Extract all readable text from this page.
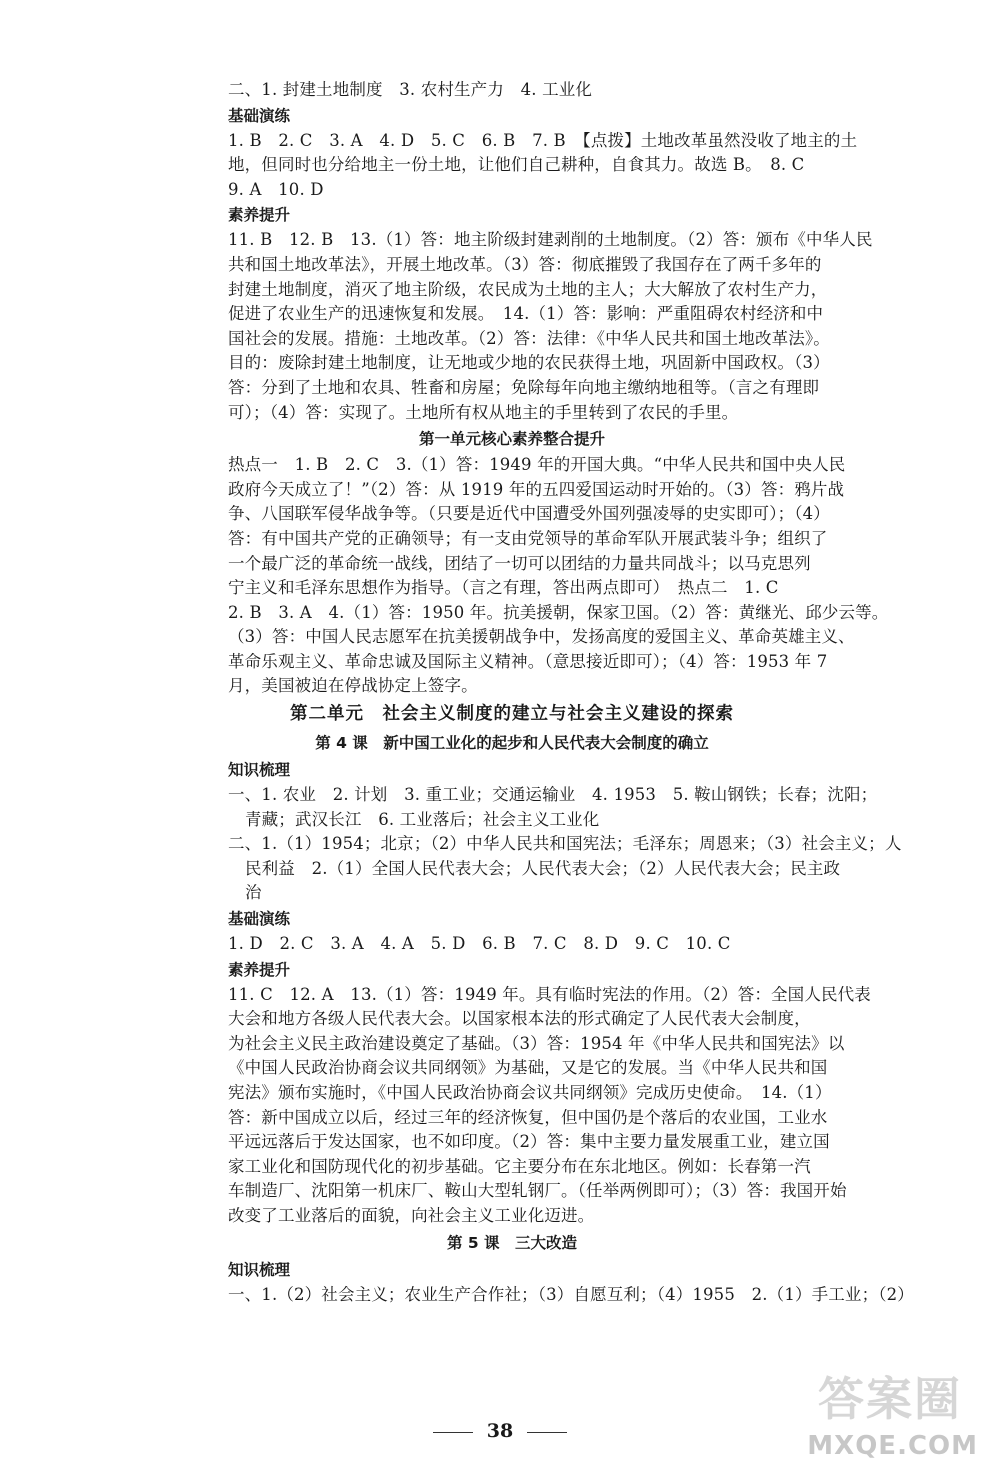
二、1. 封建土地制度　3. 农村生产力　4. 工业化
基础演练
1. B　2. C　3. A　4. D　5. C　6. B　7. B　【点拨】土地改革虽然没收了地主的土
地，但同时也分给地主一份土地，让他们自己耕种，自食其力。故选 B。　8. C
9. A　10. D
素养提升
11. B　12. B　13.（1）答：地主阶级封建剥削的土地制度。（2）答：颁布《中华人民
共和国土地改革法》，开展土地改革。（3）答：彻底摧毁了我国存在了两千多年的
封建土地制度，消灭了地主阶级，农民成为土地的主人；大大解放了农村生产力，
促进了农业生产的迅速恢复和发展。　14.（1）答：影响：严重阻碍农村经济和中
国社会的发展。措施：土地改革。（2）答：法律：《中华人民共和国土地改革法》。
目的：废除封建土地制度，让无地或少地的农民获得土地，巩固新中国政权。（3）
答：分到了土地和农具、牲畜和房屋；免除每年向地主缴纳地租等。（言之有理即
可）；（4）答：实现了。土地所有权从地主的手里转到了农民的手里。
第一单元核心素养整合提升
热点一　1. B　2. C　3.（1）答：1949 年的开国大典。“中华人民共和国中央人民
政府今天成立了！”（2）答：从 1919 年的五四爱国运动时开始的。（3）答：鸦片战
争、八国联军侵华战争等。（只要是近代中国遭受外国列强凌辱的史实即可）；（4）
答：有中国共产党的正确领导；有一支由党领导的革命军队开展武装斗争；组织了
一个最广泛的革命统一战线，团结了一切可以团结的力量共同战斗；以马克思列
宁主义和毛泽东思想作为指导。（言之有理，答出两点即可）　热点二　1. C
2. B　3. A　4.（1）答：1950 年。抗美援朝，保家卫国。（2）答：黄继光、邱少云等。
（3）答：中国人民志愿军在抗美援朝战争中，发扬高度的爱国主义、革命英雄主义、
革命乐观主义、革命忠诚及国际主义精神。（意思接近即可）；（4）答：1953 年 7
月，美国被迫在停战协定上签字。
第二单元　社会主义制度的建立与社会主义建设的探索
第 4 课　新中国工业化的起步和人民代表大会制度的确立
知识梳理
一、1. 农业　2. 计划　3. 重工业；交通运输业　4. 1953　5. 鞍山钢铁；长春；沈阳；
青藏；武汉长江　6. 工业落后；社会主义工业化
二、1.（1）1954；北京；（2）中华人民共和国宪法；毛泽东；周恩来；（3）社会主义；人
民利益　2.（1）全国人民代表大会；人民代表大会；（2）人民代表大会；民主政
治
基础演练
1. D　2. C　3. A　4. A　5. D　6. B　7. C　8. D　9. C　10. C
素养提升
11. C　12. A　13.（1）答：1949 年。具有临时宪法的作用。（2）答：全国人民代表
大会和地方各级人民代表大会。以国家根本法的形式确定了人民代表大会制度，
为社会主义民主政治建设奠定了基础。（3）答：1954 年《中华人民共和国宪法》以
《中国人民政治协商会议共同纲领》为基础，又是它的发展。当《中华人民共和国
宪法》颁布实施时，《中国人民政治协商会议共同纲领》完成历史使命。　14.（1）
答：新中国成立以后，经过三年的经济恢复，但中国仍是个落后的农业国，工业水
平远远落后于发达国家，也不如印度。（2）答：集中主要力量发展重工业，建立国
家工业化和国防现代化的初步基础。它主要分布在东北地区。例如：长春第一汽
车制造厂、沈阳第一机床厂、鞍山大型轧钢厂。（任举两例即可）；（3）答：我国开始
改变了工业落后的面貌，向社会主义工业化迈进。
第 5 课　三大改造
知识梳理
一、1.（2）社会主义；农业生产合作社；（3）自愿互利；（4）1955　2.（1）手工业；（2）
38
答案圈
MXQE.COM
